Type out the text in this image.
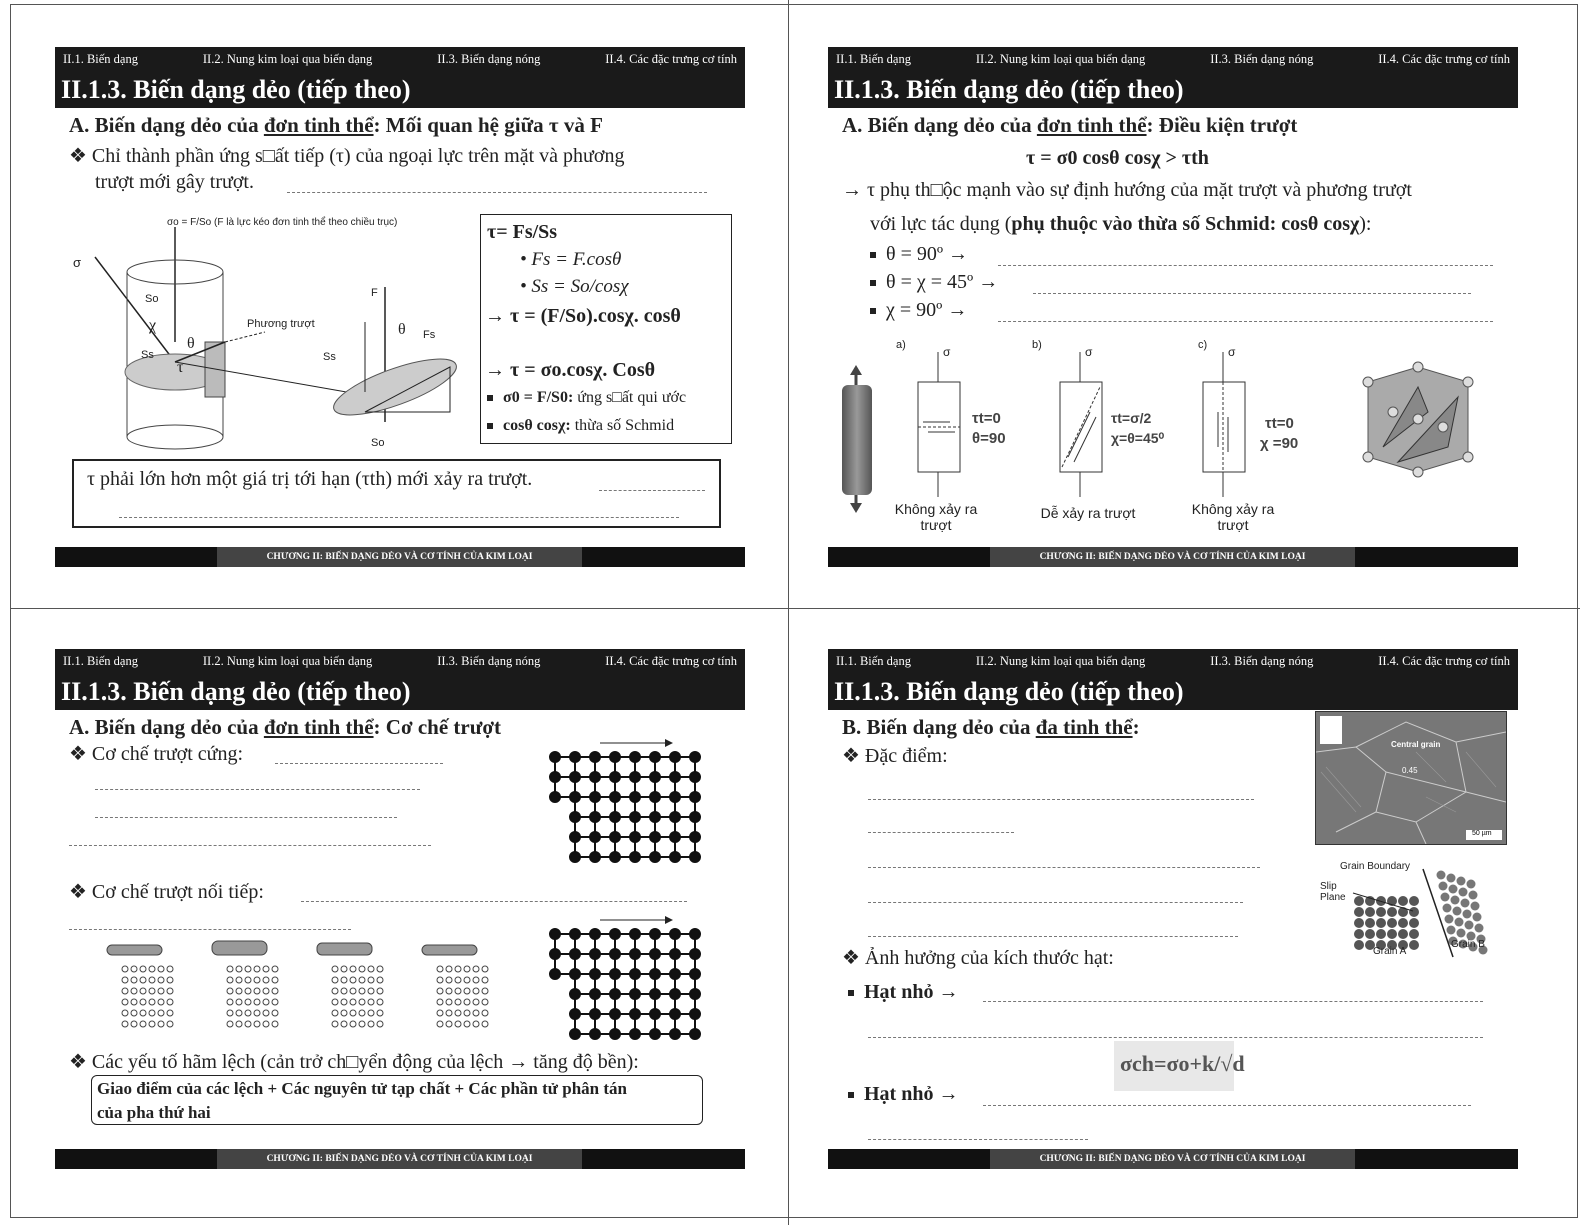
II.1. Biến dạng	II.2. Nung kim loại qua biến dạng	II.3. Biến dạng nóng	II.4. Các đặc trưng cơ tính
II.1.3. Biến dạng dẻo (tiếp theo)
A. Biến dạng dẻo của đơn tinh thể: Mối quan hệ giữa τ và F
❖ Chỉ thành phần ứng s□ất tiếp (τ) của ngoại lực trên mặt và phương
trượt mới gây trượt.
σo = F/So (F là lực kéo đơn tinh thể theo chiều trục)
σ
So
Ss
χ
θ
τ
Phương trượt
F
θ Fs
Ss
So
τ= Fs/Ss
• Fs = F.cosθ
• Ss = So/cosχ
→ τ = (F/So).cosχ. cosθ
→ τ = σo.cosχ. Cosθ
σ0 = F/S0: ứng s□ất qui ước
cosθ cosχ: thừa số Schmid
τ phải lớn hơn một giá trị tới hạn (τth) mới xảy ra trượt.
CHƯƠNG II: BIẾN DẠNG DẺO VÀ CƠ TÍNH CỦA KIM LOẠI
II.1. Biến dạng	II.2. Nung kim loại qua biến dạng	II.3. Biến dạng nóng	II.4. Các đặc trưng cơ tính
II.1.3. Biến dạng dẻo (tiếp theo)
A. Biến dạng dẻo của đơn tinh thể: Điều kiện trượt
τ = σ0 cosθ cosχ > τth
→ τ phụ th□ộc mạnh vào sự định hướng của mặt trượt và phương trượt
với lực tác dụng (phụ thuộc vào thừa số Schmid: cosθ cosχ):
θ = 90º →
θ = χ = 45º →
χ = 90º →
a)	b)	c)
σ	σ	σ
τt=0
θ=90
τt=σ/2
χ=θ=45⁰
τt=0
χ =90
Không xảy ra trượt
Dễ xảy ra trượt	Không xảy ra trượt
CHƯƠNG II: BIẾN DẠNG DẺO VÀ CƠ TÍNH CỦA KIM LOẠI
II.1. Biến dạng	II.2. Nung kim loại qua biến dạng	II.3. Biến dạng nóng	II.4. Các đặc trưng cơ tính
II.1.3. Biến dạng dẻo (tiếp theo)
A. Biến dạng dẻo của đơn tinh thể: Cơ chế trượt
❖ Cơ chế trượt cứng:
❖ Cơ chế trượt nối tiếp:
❖ Các yếu tố hãm lệch (cản trở ch□yển động của lệch → tăng độ bền):
Giao điểm của các lệch + Các nguyên tử tạp chất + Các phần tử phân tán
của pha thứ hai
CHƯƠNG II: BIẾN DẠNG DẺO VÀ CƠ TÍNH CỦA KIM LOẠI
II.1. Biến dạng	II.2. Nung kim loại qua biến dạng	II.3. Biến dạng nóng	II.4. Các đặc trưng cơ tính
II.1.3. Biến dạng dẻo (tiếp theo)
B. Biến dạng dẻo của đa tinh thể:
❖ Đặc điểm:
Central grain
0.45
50 µm
Grain Boundary
Slip Plane
Grain A
Grain B
❖ Ảnh hưởng của kích thước hạt:
Hạt nhỏ →
σch=σo+k/√d
Hạt nhỏ →
CHƯƠNG II: BIẾN DẠNG DẺO VÀ CƠ TÍNH CỦA KIM LOẠI
